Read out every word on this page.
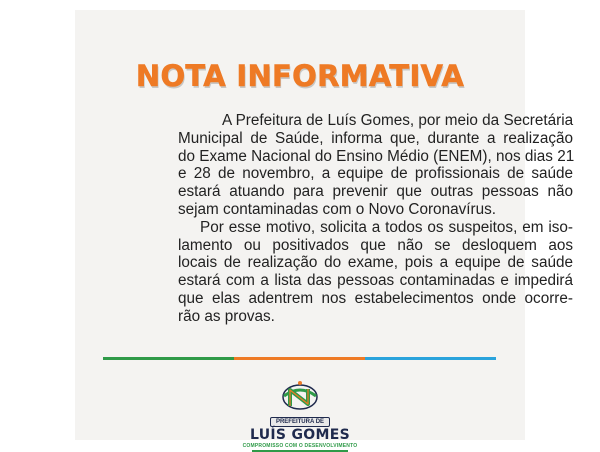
NOTA INFORMATIVA

A Prefeitura de Luís Gomes, por meio da Secretária
Municipal de Saúde, informa que, durante a realização
do Exame Nacional do Ensino Médio (ENEM), nos dias 21
e 28 de novembro, a equipe de profissionais de saúde
estará atuando para prevenir que outras pessoas não
sejam contaminadas com o Novo Coronavírus.

Por esse motivo, solicita a todos os suspeitos, em iso-
lamento ou positivados que não se desloquem aos
locais de realização do exame, pois a equipe de saúde
estará com a lista das pessoas contaminadas e impedirá
que elas adentrem nos estabelecimentos onde ocorre-
rão as provas.

PREFEITURA DE
LUÍS GOMES
COMPROMISSO COM O DESENVOLVIMENTO
